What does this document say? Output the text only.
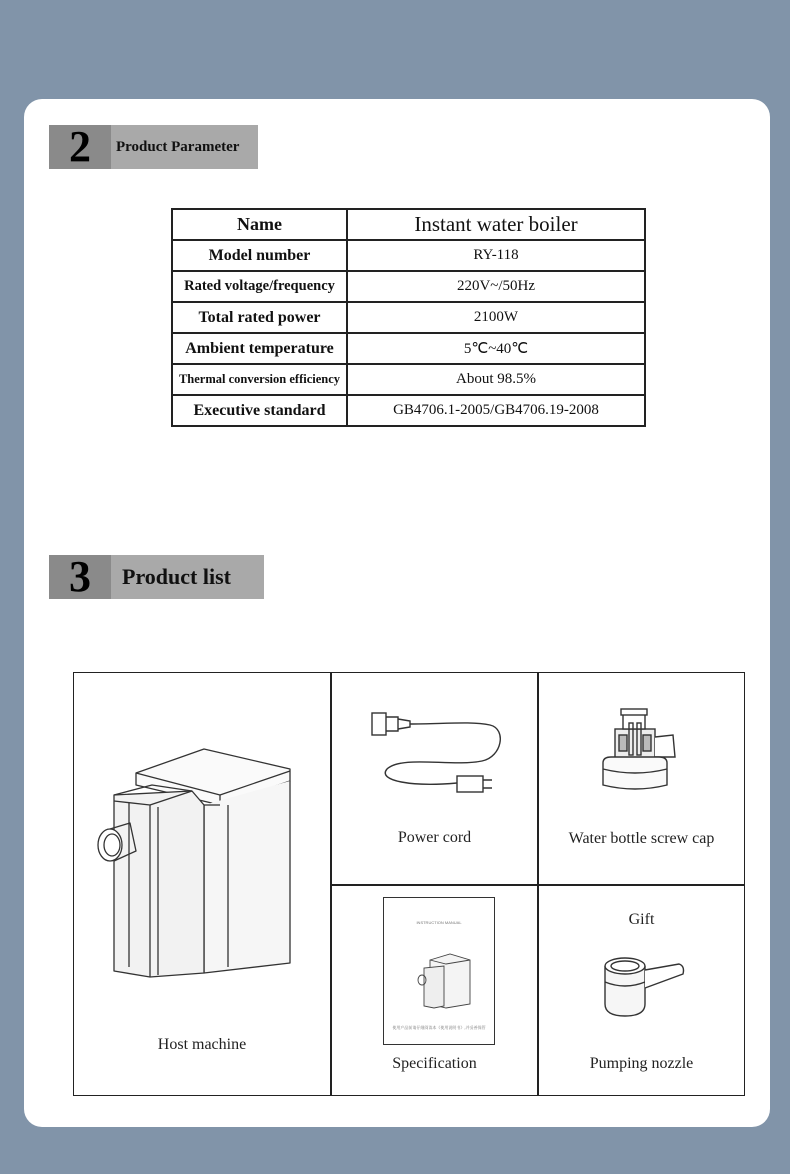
2	Product Parameter
Name	Instant water boiler
Model number	RY-118
Rated voltage/frequency	220V~/50Hz
Total rated power	2100W
Ambient temperature	5℃~40℃
Thermal conversion efficiency	About 98.5%
Executive standard	GB4706.1-2005/GB4706.19-2008
3	Product list
Host machine
Power cord	Water bottle screw cap
INSTRUCTION MANUAL
使用产品前请仔细阅读本《使用说明书》,并妥善保管
Specification
Gift
Pumping nozzle
